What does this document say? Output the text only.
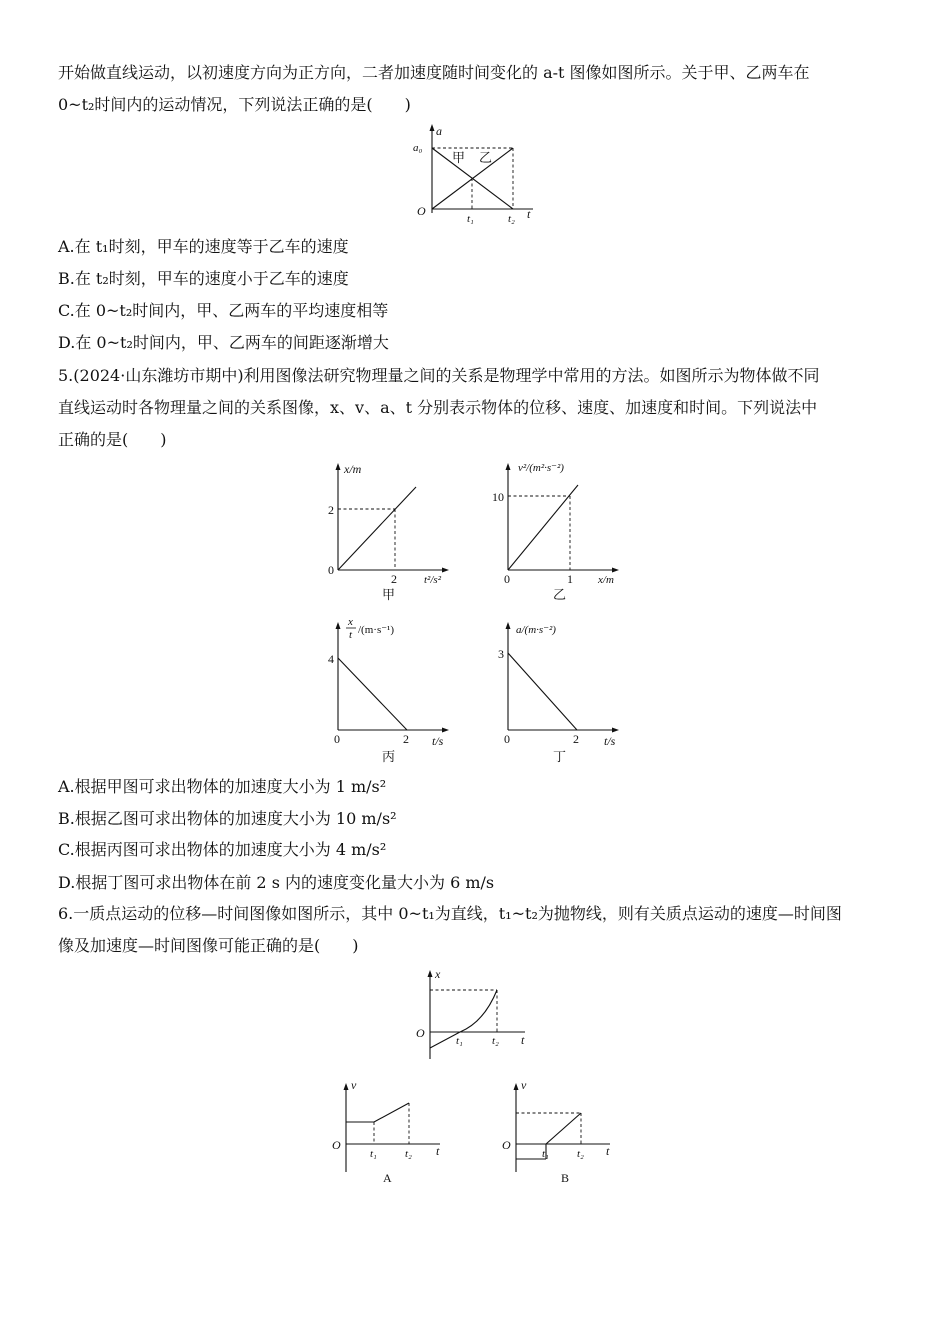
开始做直线运动，以初速度方向为正方向，二者加速度随时间变化的 a-t 图像如图所示。关于甲、乙两车在
0~t₂时间内的运动情况，下列说法正确的是(　　)
a
a₀
O
甲 乙
t₁	t₂ t
A.在 t₁时刻，甲车的速度等于乙车的速度
B.在 t₂时刻，甲车的速度小于乙车的速度
C.在 0~t₂时间内，甲、乙两车的平均速度相等
D.在 0~t₂时间内，甲、乙两车的间距逐渐增大
5.(2024·山东潍坊市期中)利用图像法研究物理量之间的关系是物理学中常用的方法。如图所示为物体做不同
直线运动时各物理量之间的关系图像，x、v、a、t 分别表示物体的位移、速度、加速度和时间。下列说法中
正确的是(　　)
x/m
2
0
2 t²/s²
甲
v²/(m²·s⁻²)
10
0	1 x/m
乙
x
t /(m·s⁻¹)
4
0	2 t/s
丙
a/(m·s⁻²)
3
0	2 t/s
丁
A.根据甲图可求出物体的加速度大小为 1 m/s²
B.根据乙图可求出物体的加速度大小为 10 m/s²
C.根据丙图可求出物体的加速度大小为 4 m/s²
D.根据丁图可求出物体在前 2 s 内的速度变化量大小为 6 m/s
6.一质点运动的位移—时间图像如图所示，其中 0~t₁为直线，t₁~t₂为抛物线，则有关质点运动的速度—时间图
像及加速度—时间图像可能正确的是(　　)
x
O
t₁	t₂ t
v
O
t₁	t₂ t
A
v
O
t₁	t₂ t
B
